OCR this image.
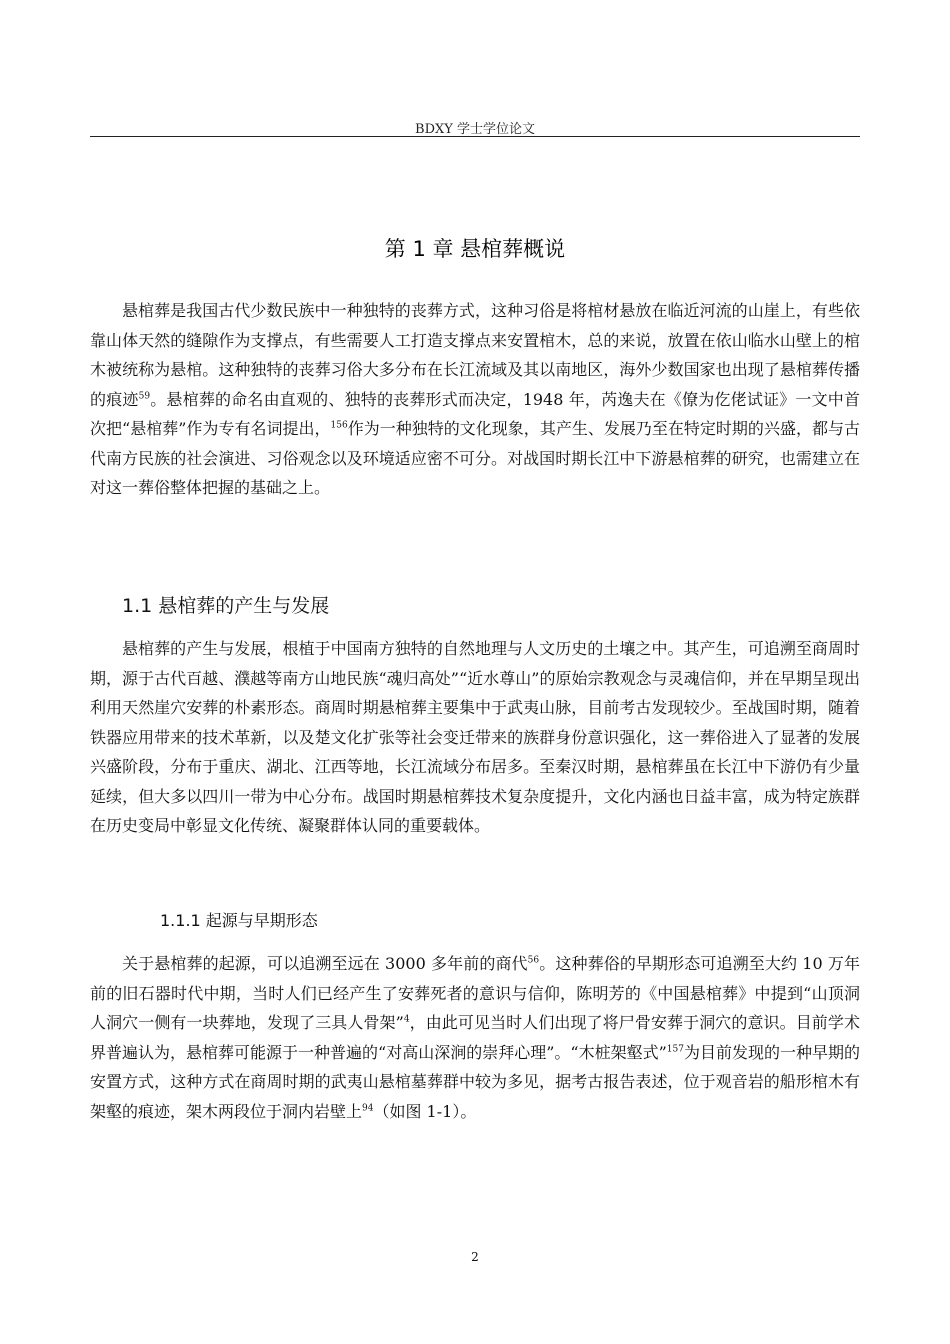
BDXY 学士学位论文
第 1 章 悬棺葬概说

悬棺葬是我国古代少数民族中一种独特的丧葬方式，这种习俗是将棺材悬放在临近河流的山崖上，有些依靠山体天然的缝隙作为支撑点，有些需要人工打造支撑点来安置棺木，总的来说，放置在依山临水山壁上的棺木被统称为悬棺。这种独特的丧葬习俗大多分布在长江流域及其以南地区，海外少数国家也出现了悬棺葬传播的痕迹$^{59}$。悬棺葬的命名由直观的、独特的丧葬形式而决定，1948 年，芮逸夫在《僚为仡佬试证》一文中首次把“悬棺葬”作为专有名词提出，$^{156}$作为一种独特的文化现象，其产生、发展乃至在特定时期的兴盛，都与古代南方民族的社会演进、习俗观念以及环境适应密不可分。对战国时期长江中下游悬棺葬的研究，也需建立在对这一葬俗整体把握的基础之上。

1.1 悬棺葬的产生与发展

悬棺葬的产生与发展，根植于中国南方独特的自然地理与人文历史的土壤之中。其产生，可追溯至商周时期，源于古代百越、濮越等南方山地民族“魂归高处”“近水尊山”的原始宗教观念与灵魂信仰，并在早期呈现出利用天然崖穴安葬的朴素形态。商周时期悬棺葬主要集中于武夷山脉，目前考古发现较少。至战国时期，随着铁器应用带来的技术革新，以及楚文化扩张等社会变迁带来的族群身份意识强化，这一葬俗进入了显著的发展兴盛阶段，分布于重庆、湖北、江西等地，长江流域分布居多。至秦汉时期，悬棺葬虽在长江中下游仍有少量延续，但大多以四川一带为中心分布。战国时期悬棺葬技术复杂度提升，文化内涵也日益丰富，成为特定族群在历史变局中彰显文化传统、凝聚群体认同的重要载体。

1.1.1 起源与早期形态

关于悬棺葬的起源，可以追溯至远在 3000 多年前的商代$^{56}$。这种葬俗的早期形态可追溯至大约 10 万年前的旧石器时代中期，当时人们已经产生了安葬死者的意识与信仰，陈明芳的《中国悬棺葬》中提到“山顶洞人洞穴一侧有一块葬地，发现了三具人骨架”$^4$，由此可见当时人们出现了将尸骨安葬于洞穴的意识。目前学术界普遍认为，悬棺葬可能源于一种普遍的“对高山深涧的崇拜心理”。“木桩架壑式”$^{157}$为目前发现的一种早期的安置方式，这种方式在商周时期的武夷山悬棺墓葬群中较为多见，据考古报告表述，位于观音岩的船形棺木有架壑的痕迹，架木两段位于洞内岩壁上$^{94}$（如图 1-1）。

2
